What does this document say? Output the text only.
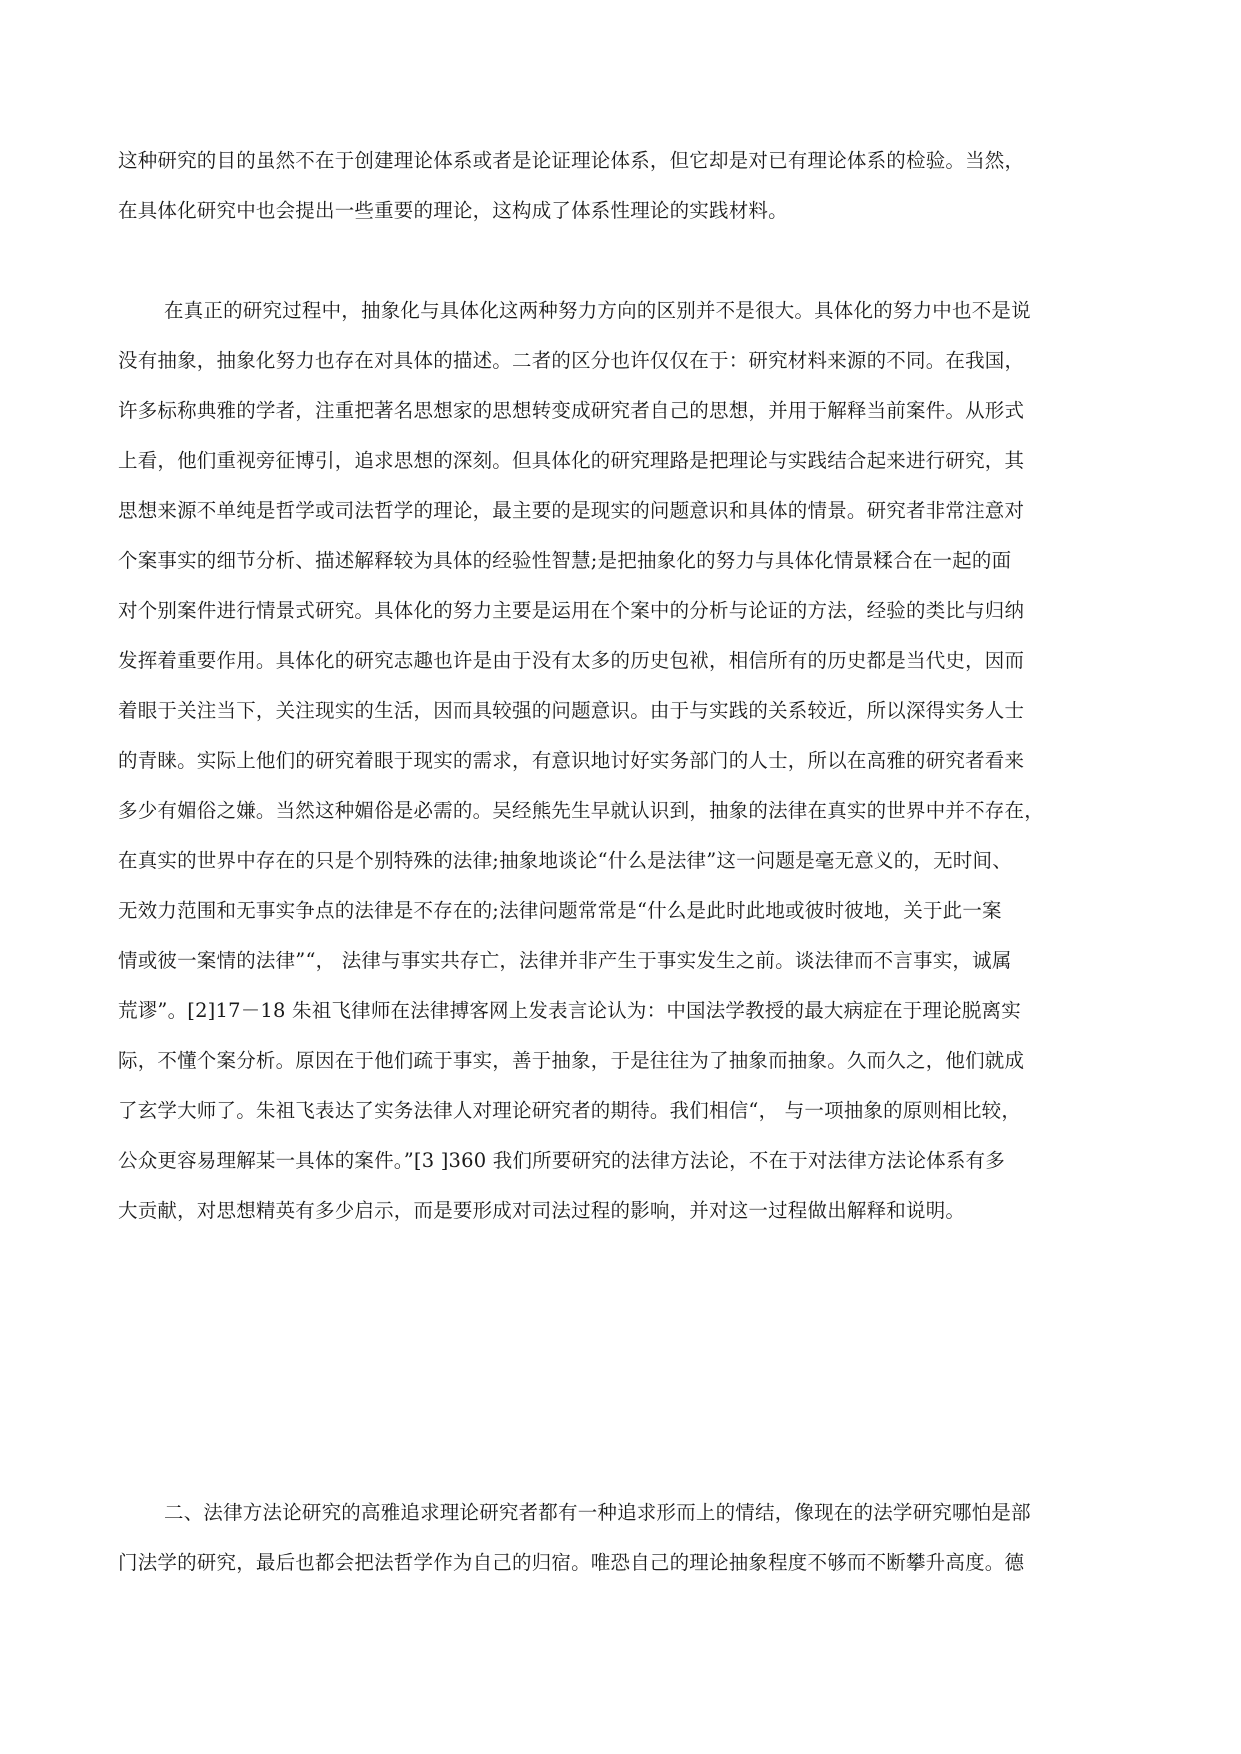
这种研究的目的虽然不在于创建理论体系或者是论证理论体系，但它却是对已有理论体系的检验。当然，
在具体化研究中也会提出一些重要的理论，这构成了体系性理论的实践材料。
在真正的研究过程中，抽象化与具体化这两种努力方向的区别并不是很大。具体化的努力中也不是说
没有抽象，抽象化努力也存在对具体的描述。二者的区分也许仅仅在于：研究材料来源的不同。在我国，
许多标称典雅的学者，注重把著名思想家的思想转变成研究者自己的思想，并用于解释当前案件。从形式
上看，他们重视旁征博引，追求思想的深刻。但具体化的研究理路是把理论与实践结合起来进行研究，其
思想来源不单纯是哲学或司法哲学的理论，最主要的是现实的问题意识和具体的情景。研究者非常注意对
个案事实的细节分析、描述解释较为具体的经验性智慧;是把抽象化的努力与具体化情景糅合在一起的面
对个别案件进行情景式研究。具体化的努力主要是运用在个案中的分析与论证的方法，经验的类比与归纳
发挥着重要作用。具体化的研究志趣也许是由于没有太多的历史包袱，相信所有的历史都是当代史，因而
着眼于关注当下，关注现实的生活，因而具较强的问题意识。由于与实践的关系较近，所以深得实务人士
的青睐。实际上他们的研究着眼于现实的需求，有意识地讨好实务部门的人士，所以在高雅的研究者看来
多少有媚俗之嫌。当然这种媚俗是必需的。吴经熊先生早就认识到，抽象的法律在真实的世界中并不存在，
在真实的世界中存在的只是个别特殊的法律;抽象地谈论“什么是法律”这一问题是毫无意义的，无时间、
无效力范围和无事实争点的法律是不存在的;法律问题常常是“什么是此时此地或彼时彼地，关于此一案
情或彼一案情的法律”“， 法律与事实共存亡，法律并非产生于事实发生之前。谈法律而不言事实，诚属
荒谬”。[2]17－18 朱祖飞律师在法律搏客网上发表言论认为：中国法学教授的最大病症在于理论脱离实
际，不懂个案分析。原因在于他们疏于事实，善于抽象，于是往往为了抽象而抽象。久而久之，他们就成
了玄学大师了。朱祖飞表达了实务法律人对理论研究者的期待。我们相信“， 与一项抽象的原则相比较，
公众更容易理解某一具体的案件。”[3 ]360 我们所要研究的法律方法论，不在于对法律方法论体系有多
大贡献，对思想精英有多少启示，而是要形成对司法过程的影响，并对这一过程做出解释和说明。
二、法律方法论研究的高雅追求理论研究者都有一种追求形而上的情结，像现在的法学研究哪怕是部
门法学的研究，最后也都会把法哲学作为自己的归宿。唯恐自己的理论抽象程度不够而不断攀升高度。德
